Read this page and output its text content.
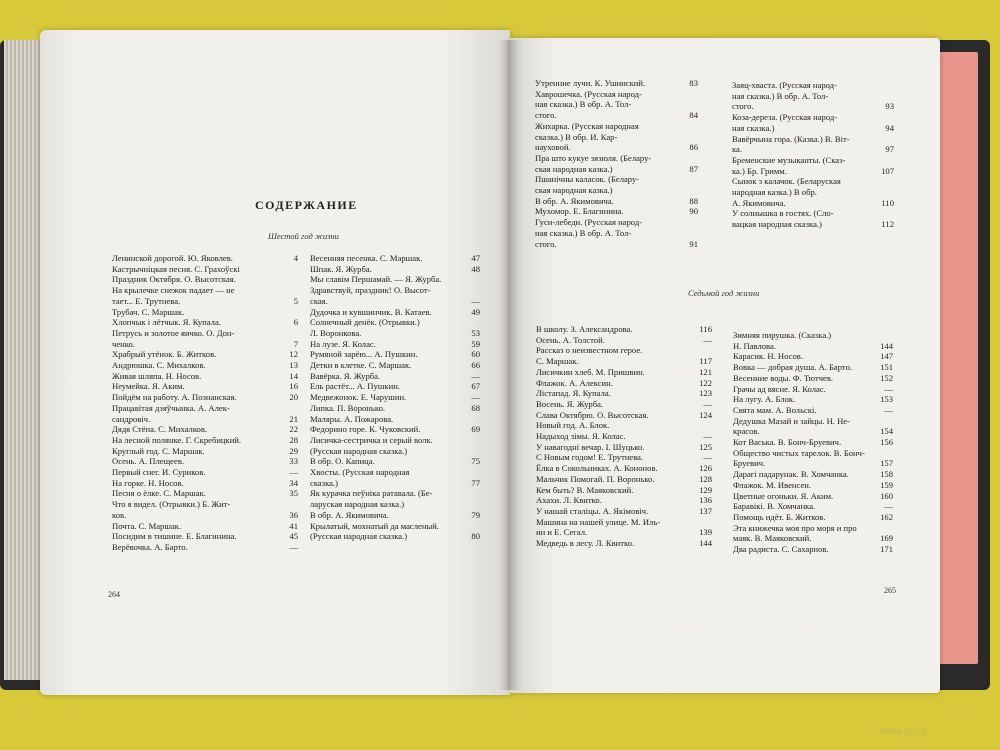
СОДЕРЖАНИЕ
Шестой год жизни
Ленинской дорогой. Ю. Яковлев.	4
Кастрычніцкая песня. С. Грахоўскі
Праздник Октября. О. Высотская.
На крылечке снежок падает — не
тает... Е. Трутнева.	5
Трубач. С. Маршак.
Хлопчык і лётчык. Я. Купала.	6
Петрусь и золотое яичко. О. Дон-
ченко.	7
Храбрый утёнок. Б. Житков.	12
Андрюшка. С. Михалков.	13
Живая шляпа. Н. Носов.	14
Неумейка. Я. Аким.	16
Пойдём на работу. А. Познанская.	20
Працавітая дзяўчынка. А. Алек-
сандровіч.	21
Дядя Стёпа. С. Михалков.	22
На лесной полянке. Г. Скребицкий.	28
Круглый год. С. Маршак.	29
Осень. А. Плещеев.	33
Первый снег. И. Суриков.	—
На горке. Н. Носов.	34
Песня о ёлке. С. Маршак.	35
Что я видел. (Отрывки.) Б. Жит-
ков.	36
Почта. С. Маршак.	41
Посидим в тишине. Е. Благинина.	45
Верёвочка. А. Барто.	—
Весенняя песенка. С. Маршак.	47
Шпак. Я. Журба.	48
Мы славім Першамай. — Я. Журба.
Здравствуй, праздник! О. Высот-
ская.	—
Дудочка и кувшинчик. В. Катаев.	49
Солнечный денёк. (Отрывки.)
Л. Воронкова.	53
На лузе. Я. Колас.	59
Румяной зарёю... А. Пушкин.	60
Детки в клетке. С. Маршак.	66
Вавёрка. Я. Журба.	—
Ель растёт... А. Пушкин.	67
Медвежонок. Е. Чарушин.	—
Липка. П. Воронько.	68
Маляры. А. Пожарова.
Федорино горе. К. Чуковский.	69
Лисичка-сестричка и серый волк.
(Русская народная сказка.)
В обр. О. Капица.	75
Хвосты. (Русская народная
сказка.)	77
Як курачка пеўніка ратавала. (Бе-
ларуская народная казка.)
В обр. А. Якимовича.	79
Крылатый, мохнатый да масленый.
(Русская народная сказка.)	80
Утренние лучи. К. Ушинский.	83
Хаврошечка. (Русская народ-
ная сказка.) В обр. А. Тол-
стого.	84
Жихарка. (Русская народная
сказка.) В обр. И. Кар-
науховой.	86
Пра што кукуе зязюля. (Белару-
ская народная казка.)	87
Пшанічны каласок. (Белару-
ская народная казка.)
В обр. А. Якимовича.	88
Мухомор. Е. Благинина.	90
Гуси-лебеди. (Русская народ-
ная сказка.) В обр. А. Тол-
стого.	91
Заяц-хваста. (Русская народ-
ная сказка.) В обр. А. Тол-
стого.	93
Коза-дереза. (Русская народ-
ная сказка.)	94
Вавёрчына гора. (Казка.) В. Віт-
ка.	97
Бременские музыканты. (Сказ-
ка.) Бр. Гримм.	107
Сынок з калачок. (Беларуская
народная казка.) В обр.
А. Якимовича.	110
У солнышка в гостях. (Сло-
вацкая народная сказка.)	112
Седьмой год жизни
В школу. З. Александрова.	116
Осень. А. Толстой.	—
Рассказ о неизвестном герое.
С. Маршак.	117
Лисичкин хлеб. М. Пришвин.	121
Флажок. А. Алексин.	122
Лістапад. Я. Купала.	123
Восень. Я. Журба.	—
Слава Октябрю. О. Высотская.	124
Новый год. А. Блок.
Надыход зімы. Я. Колас.	—
У навагодні вечар. І. Шуцько.	125
С Новым годом! Е. Трутнева.	—
Ёлка в Сокольниках. А. Кононов.	126
Мальчик Помогай. П. Воронько.	128
Кем быть? В. Маяковский.	129
Ахахи. Л. Квитко.	136
У нашай сталіцы. А. Якімовіч.	137
Машина на нашей улице. М. Иль-
ин и Е. Сегал.	139
Медведь в лесу. Л. Квитко.	144
Зимняя пирушка. (Сказка.)
Н. Павлова.	144
Карасик. Н. Носов.	147
Вовка — добрая душа. А. Барто.	151
Весенние воды. Ф. Тютчев.	152
Грачы ад вясне. Я. Колас.	—
На лугу. А. Блок.	153
Свята мам. А. Вольскі.	—
Дедушка Мазай и зайцы. Н. Не-
красов.	154
Кот Васька. В. Бонч-Бруевич.	156
Общество чистых тарелок. В. Бонч-
Бруевич.	157
Дарагі падарунак. В. Хомчанка.	158
Флажок. М. Ивенсен.	159
Цветные огоньки. Я. Аким.	160
Баравікі. В. Хомчанка.	—
Помощь идёт. Б. Житков.	162
Эта книжечка моя про моря и про
маяк. В. Маяковский.	169
Два радиста. С. Сахарнов.	171
264	265
www.ay.by
